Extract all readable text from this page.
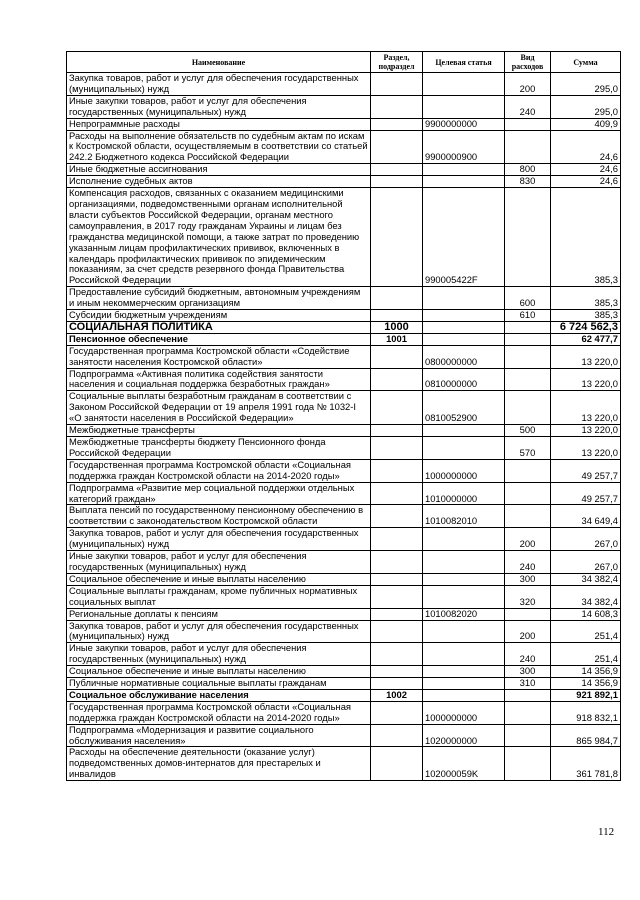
Наименование	Раздел, подраздел	Целевая статья	Вид расходов	Сумма
Закупка товаров, работ и услуг для обеспечения государственных (муниципальных) нужд			200	295,0
Иные закупки товаров, работ и услуг для обеспечения государственных (муниципальных) нужд			240	295,0
Непрограммные расходы		9900000000		409,9
Расходы на выполнение обязательств по судебным актам по искам к Костромской области, осуществляемым в соответствии со статьей 242.2 Бюджетного кодекса Российской Федерации		9900000900		24,6
Иные бюджетные ассигнования			800	24,6
Исполнение судебных актов			830	24,6
Компенсация расходов, связанных с оказанием медицинскими организациями, подведомственными органам исполнительной власти субъектов Российской Федерации, органам местного самоуправления, в 2017 году гражданам Украины и лицам без гражданства медицинской помощи, а также затрат по проведению указанным лицам профилактических прививок, включенных в календарь профилактических прививок по эпидемическим показаниям, за счет средств резервного фонда Правительства Российской Федерации		990005422F		385,3
Предоставление субсидий бюджетным, автономным учреждениям и иным некоммерческим организациям			600	385,3
Субсидии бюджетным учреждениям			610	385,3
СОЦИАЛЬНАЯ ПОЛИТИКА	1000			6 724 562,3
Пенсионное обеспечение	1001			62 477,7
Государственная программа Костромской области «Содействие занятости населения Костромской области»		0800000000		13 220,0
Подпрограмма «Активная политика содействия занятости населения и социальная поддержка безработных граждан»		0810000000		13 220,0
Социальные выплаты безработным гражданам в соответствии с Законом Российской Федерации от 19 апреля 1991 года № 1032-I «О занятости населения в Российской Федерации»		0810052900		13 220,0
Межбюджетные трансферты			500	13 220,0
Межбюджетные трансферты бюджету Пенсионного фонда Российской Федерации			570	13 220,0
Государственная программа Костромской области «Социальная поддержка граждан Костромской области на 2014-2020 годы»		1000000000		49 257,7
Подпрограмма «Развитие мер социальной поддержки отдельных категорий граждан»		1010000000		49 257,7
Выплата пенсий по государственному пенсионному обеспечению в соответствии с законодательством Костромской области		1010082010		34 649,4
Закупка товаров, работ и услуг для обеспечения государственных (муниципальных) нужд			200	267,0
Иные закупки товаров, работ и услуг для обеспечения государственных (муниципальных) нужд			240	267,0
Социальное обеспечение и иные выплаты населению			300	34 382,4
Социальные выплаты гражданам, кроме публичных нормативных социальных выплат			320	34 382,4
Региональные доплаты к пенсиям		1010082020		14 608,3
Закупка товаров, работ и услуг для обеспечения государственных (муниципальных) нужд			200	251,4
Иные закупки товаров, работ и услуг для обеспечения государственных (муниципальных) нужд			240	251,4
Социальное обеспечение и иные выплаты населению			300	14 356,9
Публичные нормативные социальные выплаты гражданам			310	14 356,9
Социальное обслуживание населения	1002			921 892,1
Государственная программа Костромской области «Социальная поддержка граждан Костромской области на 2014-2020 годы»		1000000000		918 832,1
Подпрограмма «Модернизация и развитие социального обслуживания населения»		1020000000		865 984,7
Расходы на обеспечение деятельности (оказание услуг) подведомственных домов-интернатов для престарелых и инвалидов		102000059K		361 781,8
112
